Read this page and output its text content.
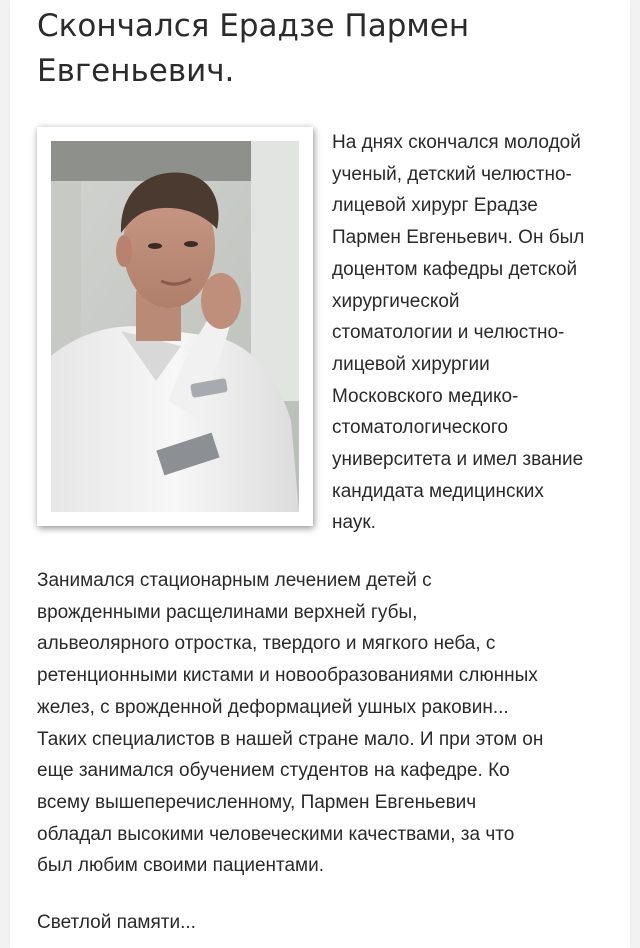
Скончался Ерадзе Пармен
Евгеньевич.

На днях скончался молодой
ученый, детский челюстно-
лицевой хирург Ерадзе
Пармен Евгеньевич. Он был
доцентом кафедры детской
хирургической
стоматологии и челюстно-
лицевой хирургии
Московского медико-
стоматологического
университета и имел звание
кандидата медицинских
наук.

Занимался стационарным лечением детей с
врожденными расщелинами верхней губы,
альвеолярного отростка, твердого и мягкого неба, с
ретенционными кистами и новообразованиями слюнных
желез, с врожденной деформацией ушных раковин...
Таких специалистов в нашей стране мало. И при этом он
еще занимался обучением студентов на кафедре. Ко
всему вышеперечисленному, Пармен Евгеньевич
обладал высокими человеческими качествами, за что
был любим своими пациентами.

Светлой памяти...
